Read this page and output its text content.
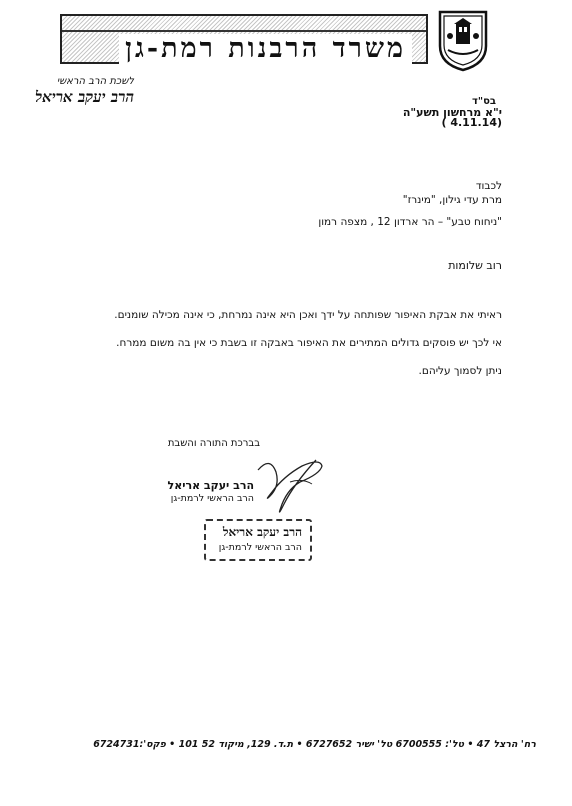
משרד הרבנות רמת-גן
בס"ד
לשכת הרב הראשי
הרב יעקב אריאל
י"א מרחשון תשע"ה
( 4.11.14)
לכבוד
מרת עדי גילון, "מינרז"
"ניחוח טבע" – הר ארדון 12 , מצפה רמון
רוב שלומות
ראיתי את אבקת האיפור שפותחה על ידך ואכן היא אינה נמרחת, כי אינה מכילה שומנים.
אי לכך יש פוסקים גדולים המתירים את האיפור באבקה זו בשבת כי אין בה משום ממרח.
ניתן לסמוך עליהם.
בברכת התורה והשבת
הרב יעקב אריאל
הרב הראשי לרמת-גן
הרב יעקב אריאל
הרב הראשי לרמת-גן
רח' הרצל 47 • טל': 6700555 טל' ישיר 6727652 • ת.ד. 129, מיקוד 52 101 • פקס':6724731
